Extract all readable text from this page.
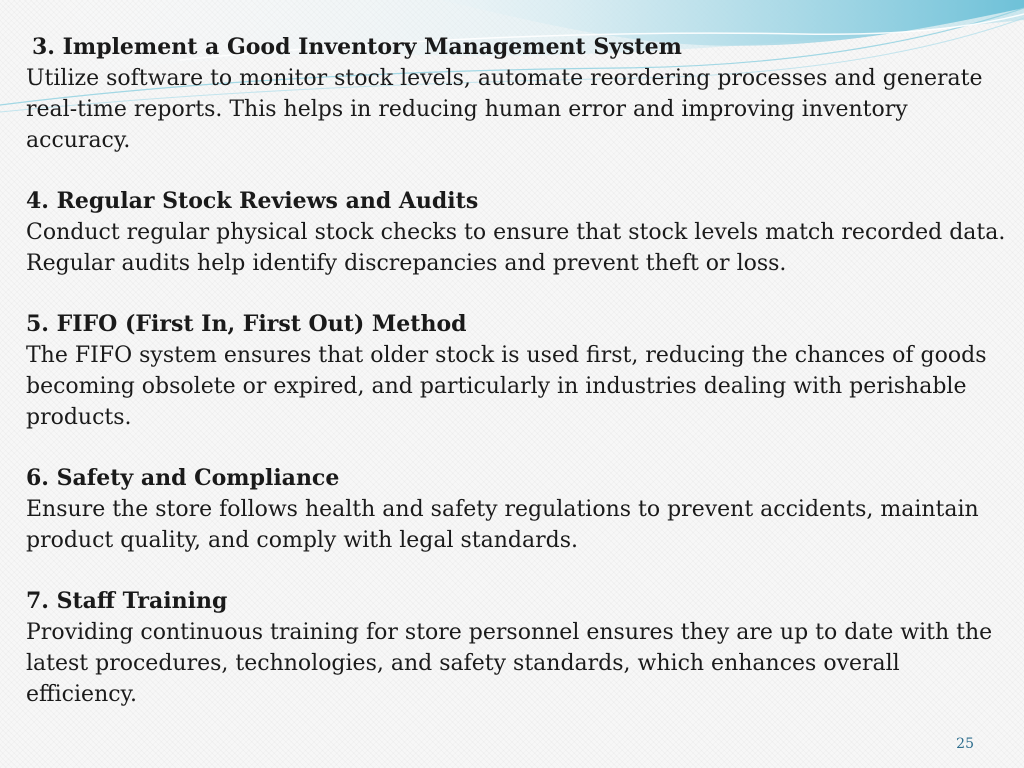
3. Implement a Good Inventory Management System

Utilize software to monitor stock levels, automate reordering processes and generate real-time reports. This helps in reducing human error and improving inventory accuracy.

4. Regular Stock Reviews and Audits

Conduct regular physical stock checks to ensure that stock levels match recorded data. Regular audits help identify discrepancies and prevent theft or loss.

5. FIFO (First In, First Out) Method

The FIFO system ensures that older stock is used first, reducing the chances of goods becoming obsolete or expired, and particularly in industries dealing with perishable products.

6. Safety and Compliance

Ensure the store follows health and safety regulations to prevent accidents, maintain product quality, and comply with legal standards.

7. Staff Training

Providing continuous training for store personnel ensures they are up to date with the latest procedures, technologies, and safety standards, which enhances overall efficiency.

25
